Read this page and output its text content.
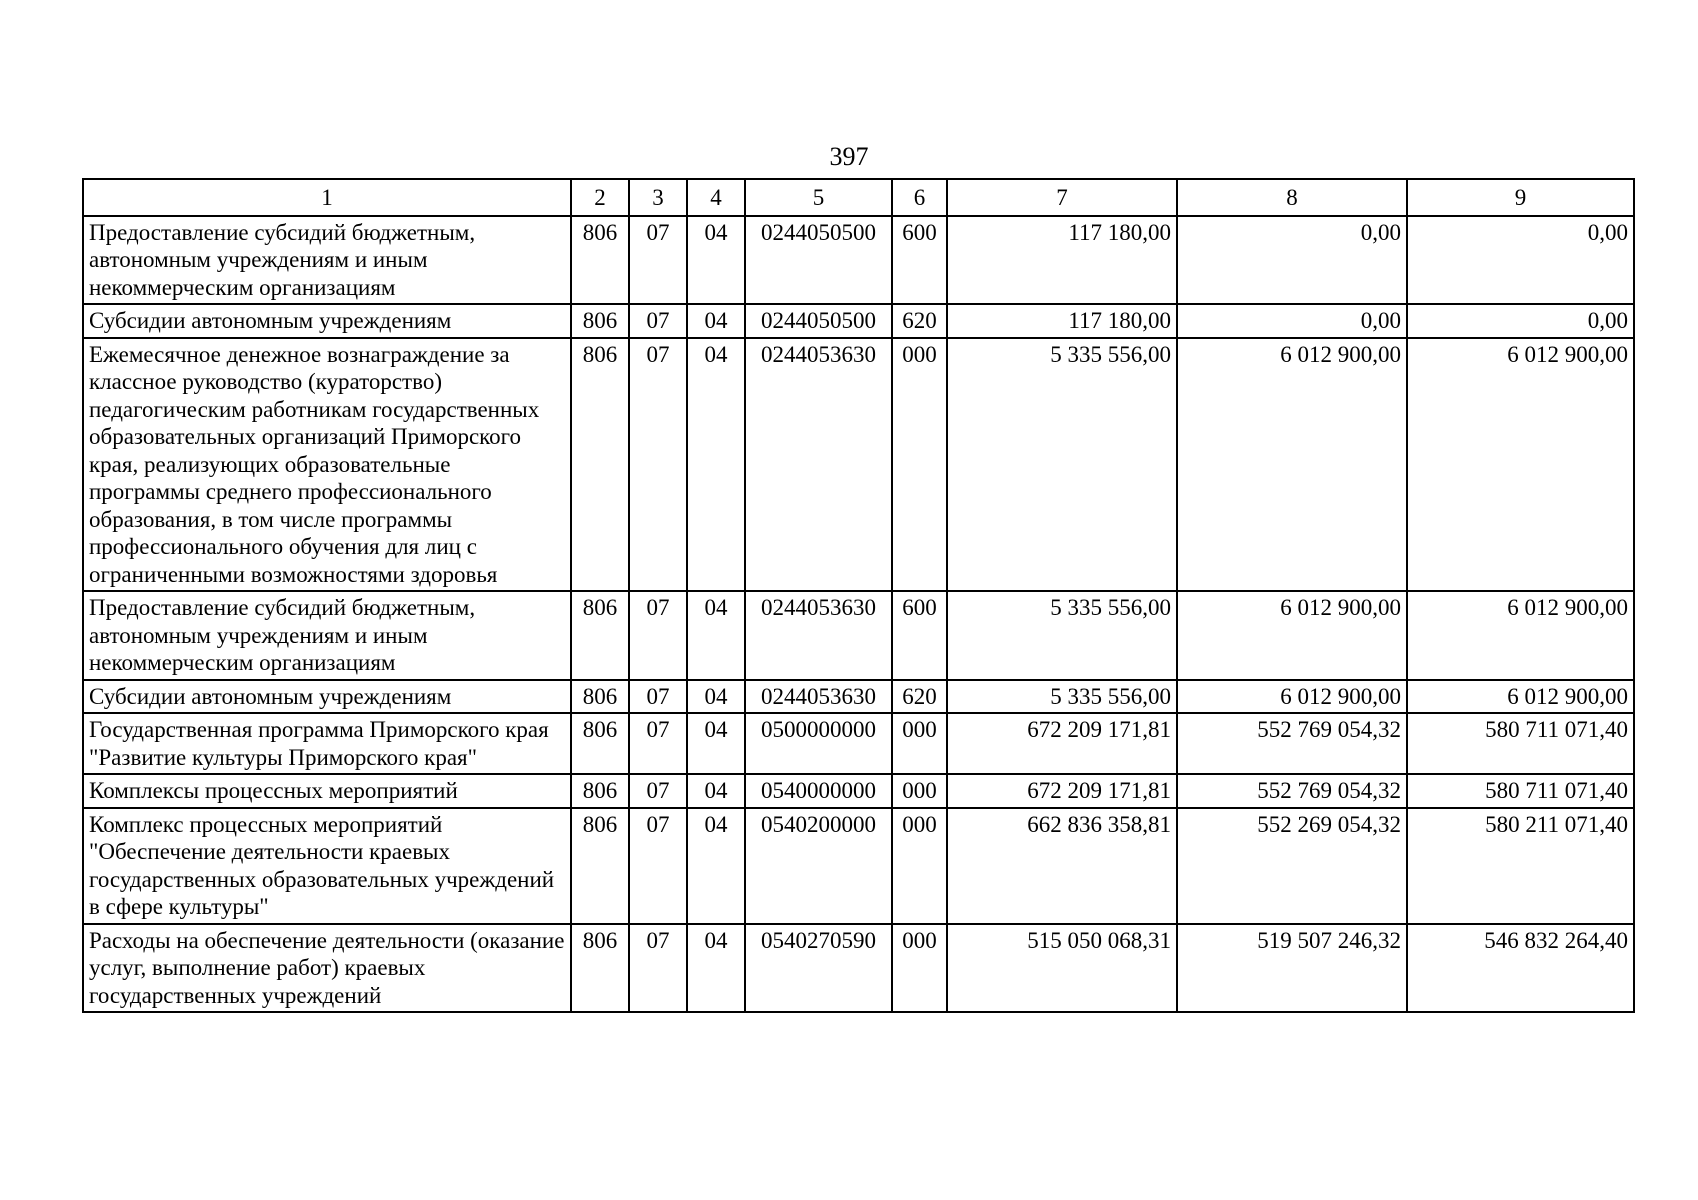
397
1	2	3	4	5	6	7	8	9
Предоставление субсидий бюджетным, автономным учреждениям и иным некоммерческим организациям	806	07	04	0244050500	600	117 180,00	0,00	0,00
Субсидии автономным учреждениям	806	07	04	0244050500	620	117 180,00	0,00	0,00
Ежемесячное денежное вознаграждение за классное руководство (кураторство) педагогическим работникам государственных образовательных организаций Приморского края, реализующих образовательные программы среднего профессионального образования, в том числе программы профессионального обучения для лиц с ограниченными возможностями здоровья	806	07	04	0244053630	000	5 335 556,00	6 012 900,00	6 012 900,00
Предоставление субсидий бюджетным, автономным учреждениям и иным некоммерческим организациям	806	07	04	0244053630	600	5 335 556,00	6 012 900,00	6 012 900,00
Субсидии автономным учреждениям	806	07	04	0244053630	620	5 335 556,00	6 012 900,00	6 012 900,00
Государственная программа Приморского края "Развитие культуры Приморского края"	806	07	04	0500000000	000	672 209 171,81	552 769 054,32	580 711 071,40
Комплексы процессных мероприятий	806	07	04	0540000000	000	672 209 171,81	552 769 054,32	580 711 071,40
Комплекс процессных мероприятий "Обеспечение деятельности краевых государственных образовательных учреждений в сфере культуры"	806	07	04	0540200000	000	662 836 358,81	552 269 054,32	580 211 071,40
Расходы на обеспечение деятельности (оказание услуг, выполнение работ) краевых государственных учреждений	806	07	04	0540270590	000	515 050 068,31	519 507 246,32	546 832 264,40
